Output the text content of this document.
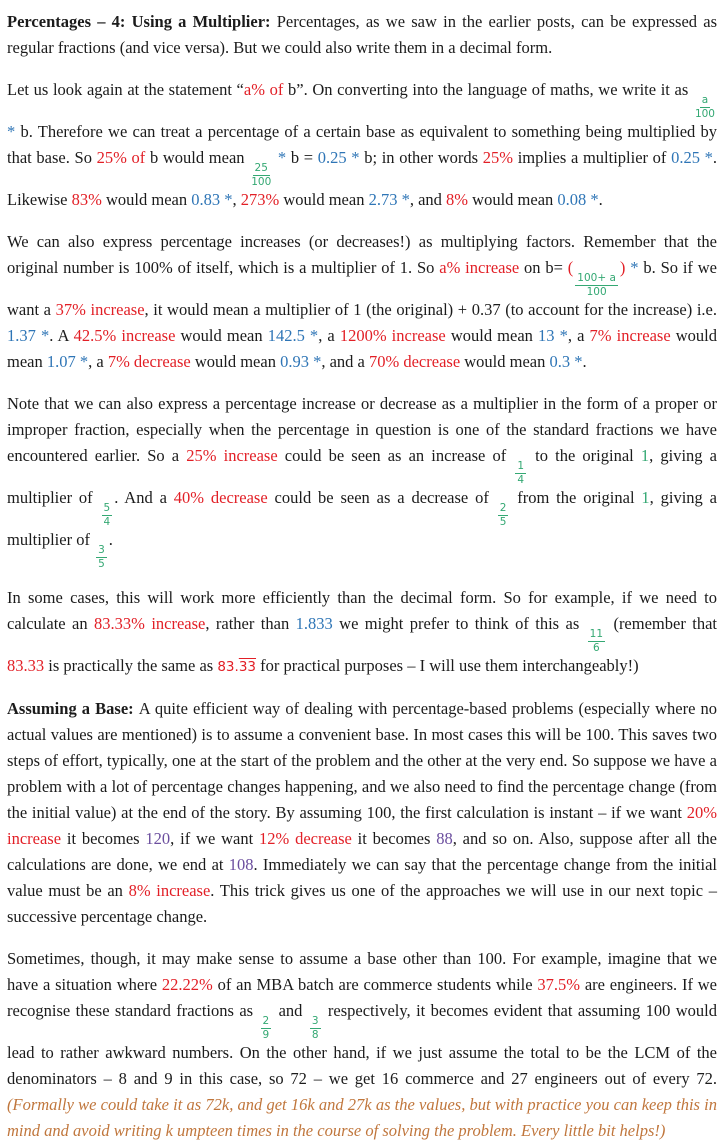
Percentages – 4: Using a Multiplier: Percentages, as we saw in the earlier posts, can be expressed as regular fractions (and vice versa). But we could also write them in a decimal form.

Let us look again at the statement “a% of b”. On converting into the language of maths, we write it as
$\frac{a}{100}$
* b. Therefore we can treat a percentage of a certain base as equivalent to something being multiplied by that base. So 25% of b would mean
$\frac{25}{100}$
* b = 0.25 * b; in other words 25% implies a multiplier of 0.25 *. Likewise 83% would mean 0.83 *, 273% would mean 2.73 *, and 8% would mean 0.08 *.

We can also express percentage increases (or decreases!) as multiplying factors. Remember that the original number is 100% of itself, which is a multiplier of 1. So a% increase on b= (
$\frac{100+ a}{100}$
) * b. So if we want a 37% increase, it would mean a multiplier of 1 (the original) + 0.37 (to account for the increase) i.e. 1.37 *. A 42.5% increase would mean 142.5 *, a 1200% increase would mean 13 *, a 7% increase would mean 1.07 *, a 7% decrease would mean 0.93 *, and a 70% decrease would mean 0.3 *.

Note that we can also express a percentage increase or decrease as a multiplier in the form of a proper or improper fraction, especially when the percentage in question is one of the standard fractions we have encountered earlier. So a 25% increase could be seen as an increase of
$\frac{1}{4}$
to the original 1, giving a multiplier of
$\frac{5}{4}$
. And a 40% decrease could be seen as a decrease of
$\frac{2}{5}$
from the original 1, giving a multiplier of
$\frac{3}{5}$
.

In some cases, this will work more efficiently than the decimal form. So for example, if we need to calculate an 83.33% increase, rather than 1.833 we might prefer to think of this as
$\frac{11}{6}$
(remember that 83.33 is practically the same as 83.33 for practical purposes – I will use them interchangeably!)

Assuming a Base: A quite efficient way of dealing with percentage-based problems (especially where no actual values are mentioned) is to assume a convenient base. In most cases this will be 100. This saves two steps of effort, typically, one at the start of the problem and the other at the very end. So suppose we have a problem with a lot of percentage changes happening, and we also need to find the percentage change (from the initial value) at the end of the story. By assuming 100, the first calculation is instant – if we want 20% increase it becomes 120, if we want 12% decrease it becomes 88, and so on. Also, suppose after all the calculations are done, we end at 108. Immediately we can say that the percentage change from the initial value must be an 8% increase. This trick gives us one of the approaches we will use in our next topic – successive percentage change.

Sometimes, though, it may make sense to assume a base other than 100. For example, imagine that we have a situation where 22.22% of an MBA batch are commerce students while 37.5% are engineers. If we recognise these standard fractions as
$\frac{2}{9}$
and
$\frac{3}{8}$
respectively, it becomes evident that assuming 100 would lead to rather awkward numbers. On the other hand, if we just assume the total to be the LCM of the denominators – 8 and 9 in this case, so 72 – we get 16 commerce and 27 engineers out of every 72. (Formally we could take it as 72k, and get 16k and 27k as the values, but with practice you can keep this in mind and avoid writing k umpteen times in the course of solving the problem. Every little bit helps!)
